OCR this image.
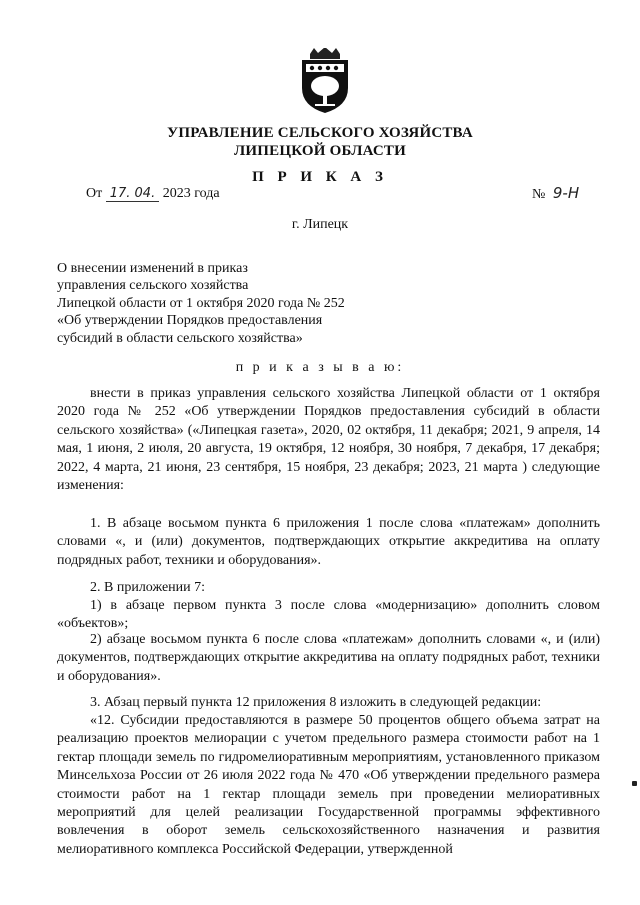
УПРАВЛЕНИЕ СЕЛЬСКОГО ХОЗЯЙСТВА
ЛИПЕЦКОЙ ОБЛАСТИ
П Р И К А З
От 17. 04. 2023 года	№ 9-Н
г. Липецк
О внесении изменений в приказ
управления сельского хозяйства
Липецкой области от 1 октября 2020 года № 252
«Об утверждении Порядков предоставления
субсидий в области сельского хозяйства»
п р и к а з ы в а ю:
внести в приказ управления сельского хозяйства Липецкой области от 1 октября 2020 года № 252 «Об утверждении Порядков предоставления субсидий в области сельского хозяйства» («Липецкая газета», 2020, 02 октября, 11 декабря; 2021, 9 апреля, 14 мая, 1 июня, 2 июля, 20 августа, 19 октября, 12 ноября, 30 ноября, 7 декабря, 17 декабря; 2022, 4 марта, 21 июня, 23 сентября, 15 ноября, 23 декабря; 2023, 21 марта ) следующие изменения:
1. В абзаце восьмом пункта 6 приложения 1 после слова «платежам» дополнить словами «, и (или) документов, подтверждающих открытие аккредитива на оплату подрядных работ, техники и оборудования».
2. В приложении 7:
1) в абзаце первом пункта 3 после слова «модернизацию» дополнить словом «объектов»;
2) абзаце восьмом пункта 6 после слова «платежам» дополнить словами «, и (или) документов, подтверждающих открытие аккредитива на оплату подрядных работ, техники и оборудования».
3. Абзац первый пункта 12 приложения 8 изложить в следующей редакции:
«12. Субсидии предоставляются в размере 50 процентов общего объема затрат на реализацию проектов мелиорации с учетом предельного размера стоимости работ на 1 гектар площади земель по гидромелиоративным мероприятиям, установленного приказом Минсельхоза России от 26 июля 2022 года № 470 «Об утверждении предельного размера стоимости работ на 1 гектар площади земель при проведении мелиоративных мероприятий для целей реализации Государственной программы эффективного вовлечения в оборот земель сельскохозяйственного назначения и развития мелиоративного комплекса Российской Федерации, утвержденной
